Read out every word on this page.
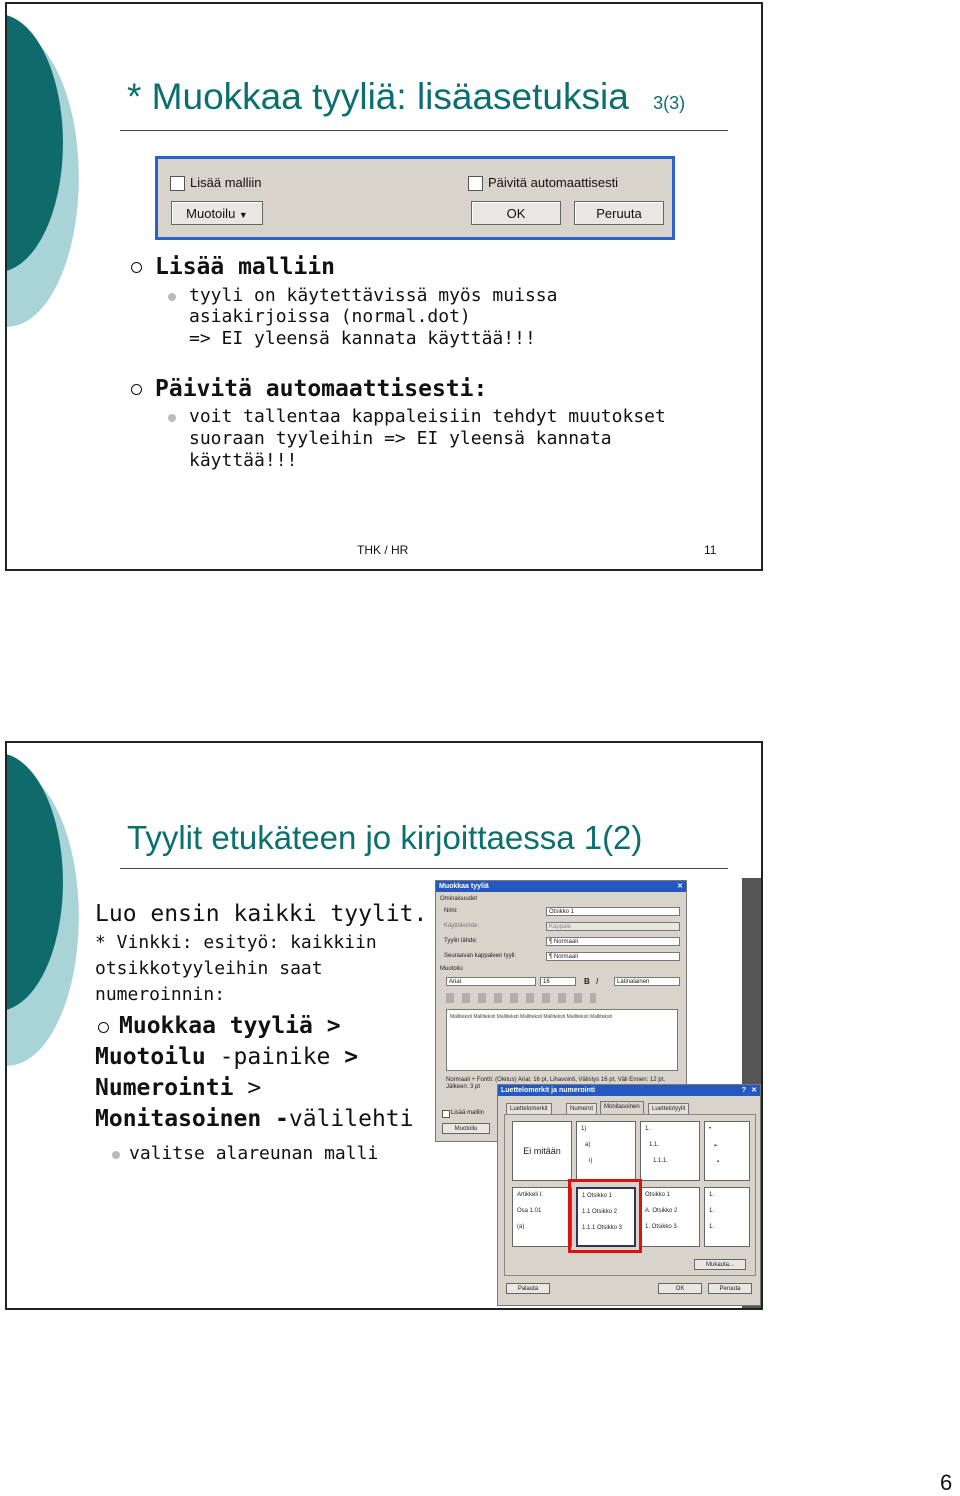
* Muokkaa tyyliä: lisäasetuksia 3(3)
Lisää malliin	Päivitä automaattisesti
Muotoilu ▼	OK	Peruuta
Lisää malliin
tyyli on käytettävissä myös muissa
asiakirjoissa (normal.dot)
=> EI yleensä kannata käyttää!!!
Päivitä automaattisesti:
voit tallentaa kappaleisiin tehdyt muutokset
suoraan tyyleihin => EI yleensä kannata
käyttää!!!
THK / HR	11
Tyylit etukäteen jo kirjoittaessa 1(2)
Luo ensin kaikki tyylit.
* Vinkki: esityö: kaikkiin
otsikkotyyleihin saat
numeroinnin:
Muokkaa tyyliä >
Muotoilu -painike >
Numerointi >
Monitasoinen -välilehti
valitse alareunan malli
Muokkaa tyyliä	✕
Ominaisuudet
Nimi:	Otsikko 1
Käyttökohde:	Kappale
Tyylin lähde:	¶ Normaali
Seuraavan kappaleen tyyli:	¶ Normaali
Muotoilu
Arial	16	B I	Latinalainen
Malliteksti Malliteksti Malliteksti Malliteksti Malliteksti Malliteksti Malliteksti
Normaali + Fontti: (Oletus) Arial, 16 pt, Lihavointi, Välistys 16 pt, Väli Ennen: 12 pt, Jälkeen: 3 pt
Lisää malliin
Muotoilu
Luettelomerkit ja numerointi	? ✕
Luettelomerkit	Numerot	Monitasoinen	Luettelotyylit
Ei mitään
1)
a)
i)
1.
1.1.
1.1.1.
•
➢
▪
Artikkeli I.
Osa 1.01
(a)
1 Otsikko 1
1.1 Otsikko 2
1.1.1 Otsikko 3
Otsikko 1
A. Otsikko 2
1. Otsikko 3
1.
1.
1.
Mukauta...
Palauta	OK	Peruuta
6
